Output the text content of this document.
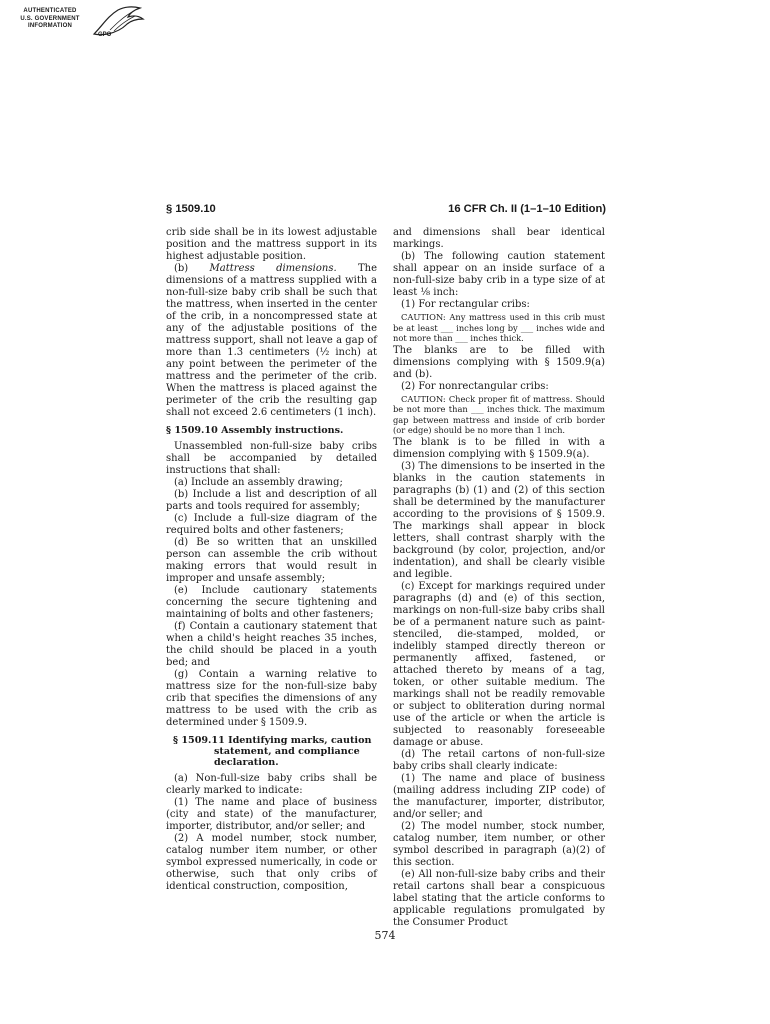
AUTHENTICATED
U.S. GOVERNMENT
INFORMATION
GPO
§ 1509.10	16 CFR Ch. II (1–1–10 Edition)

crib side shall be in its lowest adjustable position and the mattress support in its highest adjustable position.

(b) Mattress dimensions. The dimensions of a mattress supplied with a non-full-size baby crib shall be such that the mattress, when inserted in the center of the crib, in a noncompressed state at any of the adjustable positions of the mattress support, shall not leave a gap of more than 1.3 centimeters (½ inch) at any point between the perimeter of the mattress and the perimeter of the crib. When the mattress is placed against the perimeter of the crib the resulting gap shall not exceed 2.6 centimeters (1 inch).

§ 1509.10 Assembly instructions.

Unassembled non-full-size baby cribs shall be accompanied by detailed instructions that shall:

(a) Include an assembly drawing;

(b) Include a list and description of all parts and tools required for assembly;

(c) Include a full-size diagram of the required bolts and other fasteners;

(d) Be so written that an unskilled person can assemble the crib without making errors that would result in improper and unsafe assembly;

(e) Include cautionary statements concerning the secure tightening and maintaining of bolts and other fasteners;

(f) Contain a cautionary statement that when a child's height reaches 35 inches, the child should be placed in a youth bed; and

(g) Contain a warning relative to mattress size for the non-full-size baby crib that specifies the dimensions of any mattress to be used with the crib as determined under § 1509.9.

§ 1509.11 Identifying marks, caution statement, and compliance declaration.

(a) Non-full-size baby cribs shall be clearly marked to indicate:

(1) The name and place of business (city and state) of the manufacturer, importer, distributor, and/or seller; and

(2) A model number, stock number, catalog number item number, or other symbol expressed numerically, in code or otherwise, such that only cribs of identical construction, composition,

and dimensions shall bear identical markings.

(b) The following caution statement shall appear on an inside surface of a non-full-size baby crib in a type size of at least ⅛ inch:

(1) For rectangular cribs:

CAUTION: Any mattress used in this crib must be at least ___ inches long by ___ inches wide and not more than ___ inches thick.

The blanks are to be filled with dimensions complying with § 1509.9(a) and (b).

(2) For nonrectangular cribs:

CAUTION: Check proper fit of mattress. Should be not more than ___ inches thick. The maximum gap between mattress and inside of crib border (or edge) should be no more than 1 inch.

The blank is to be filled in with a dimension complying with § 1509.9(a).

(3) The dimensions to be inserted in the blanks in the caution statements in paragraphs (b) (1) and (2) of this section shall be determined by the manufacturer according to the provisions of § 1509.9. The markings shall appear in block letters, shall contrast sharply with the background (by color, projection, and/or indentation), and shall be clearly visible and legible.

(c) Except for markings required under paragraphs (d) and (e) of this section, markings on non-full-size baby cribs shall be of a permanent nature such as paint-stenciled, die-stamped, molded, or indelibly stamped directly thereon or permanently affixed, fastened, or attached thereto by means of a tag, token, or other suitable medium. The markings shall not be readily removable or subject to obliteration during normal use of the article or when the article is subjected to reasonably foreseeable damage or abuse.

(d) The retail cartons of non-full-size baby cribs shall clearly indicate:

(1) The name and place of business (mailing address including ZIP code) of the manufacturer, importer, distributor, and/or seller; and

(2) The model number, stock number, catalog number, item number, or other symbol described in paragraph (a)(2) of this section.

(e) All non-full-size baby cribs and their retail cartons shall bear a conspicuous label stating that the article conforms to applicable regulations promulgated by the Consumer Product

574
